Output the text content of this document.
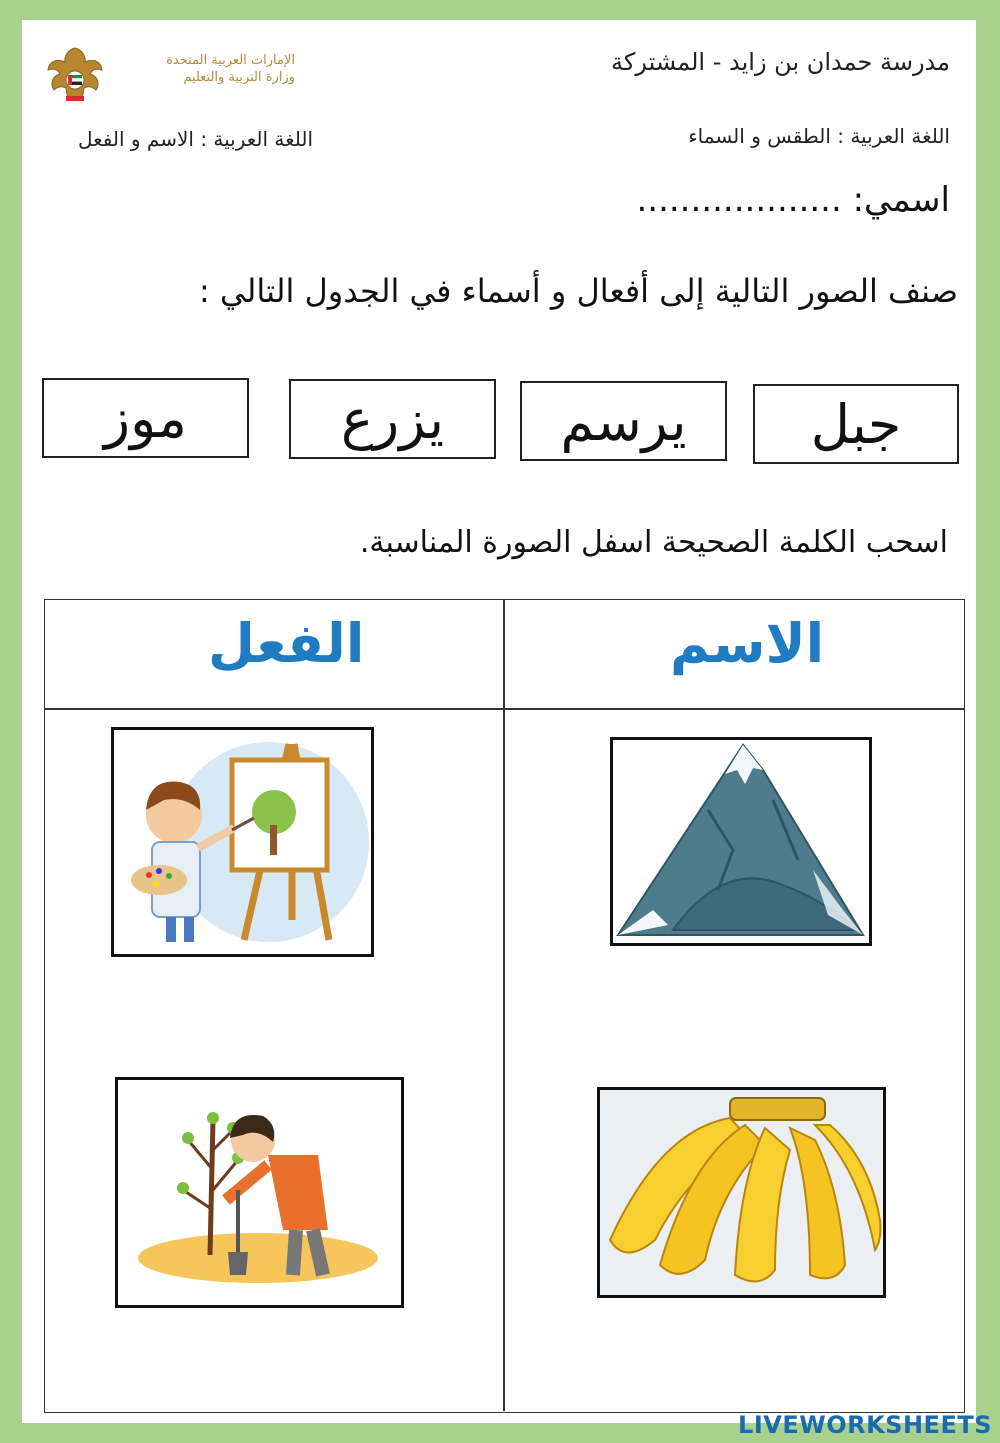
الإمارات العربية المتحدة
وزارة التربية والتعليم
مدرسة حمدان بن زايد - المشتركة
اللغة العربية : الطقس و السماء
اللغة العربية : الاسم و الفعل
اسمي: ...................
صنف الصور التالية إلى أفعال و أسماء في الجدول التالي :
جبل
يرسم
يزرع
موز
اسحب الكلمة الصحيحة اسفل الصورة المناسبة.
الاسم
الفعل
LIVEWORKSHEETS
